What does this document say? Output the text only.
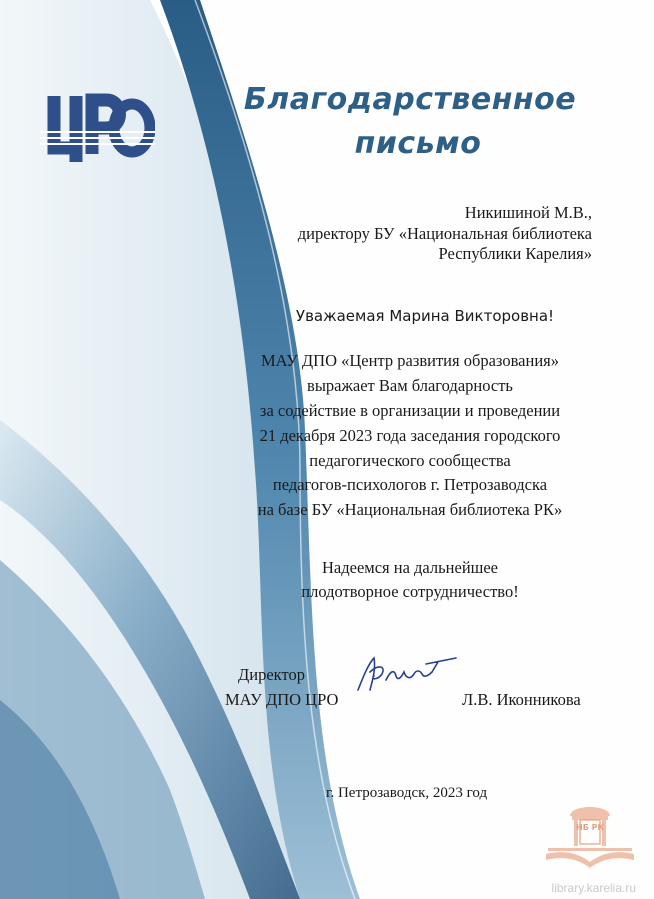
Благодарственное
письмо
Никишиной М.В.,
директору БУ «Национальная библиотека
Республики Карелия»
Уважаемая Марина Викторовна!
МАУ ДПО «Центр развития образования»
выражает Вам благодарность
за содействие в организации и проведении
21 декабря 2023 года заседания городского
педагогического сообщества
педагогов-психологов г. Петрозаводска
на базе БУ «Национальная библиотека РК»
Надеемся на дальнейшее
плодотворное сотрудничество!
Директор
МАУ ДПО ЦРО	Л.В. Иконникова
г. Петрозаводск, 2023 год
НБ РК
library.karelia.ru
